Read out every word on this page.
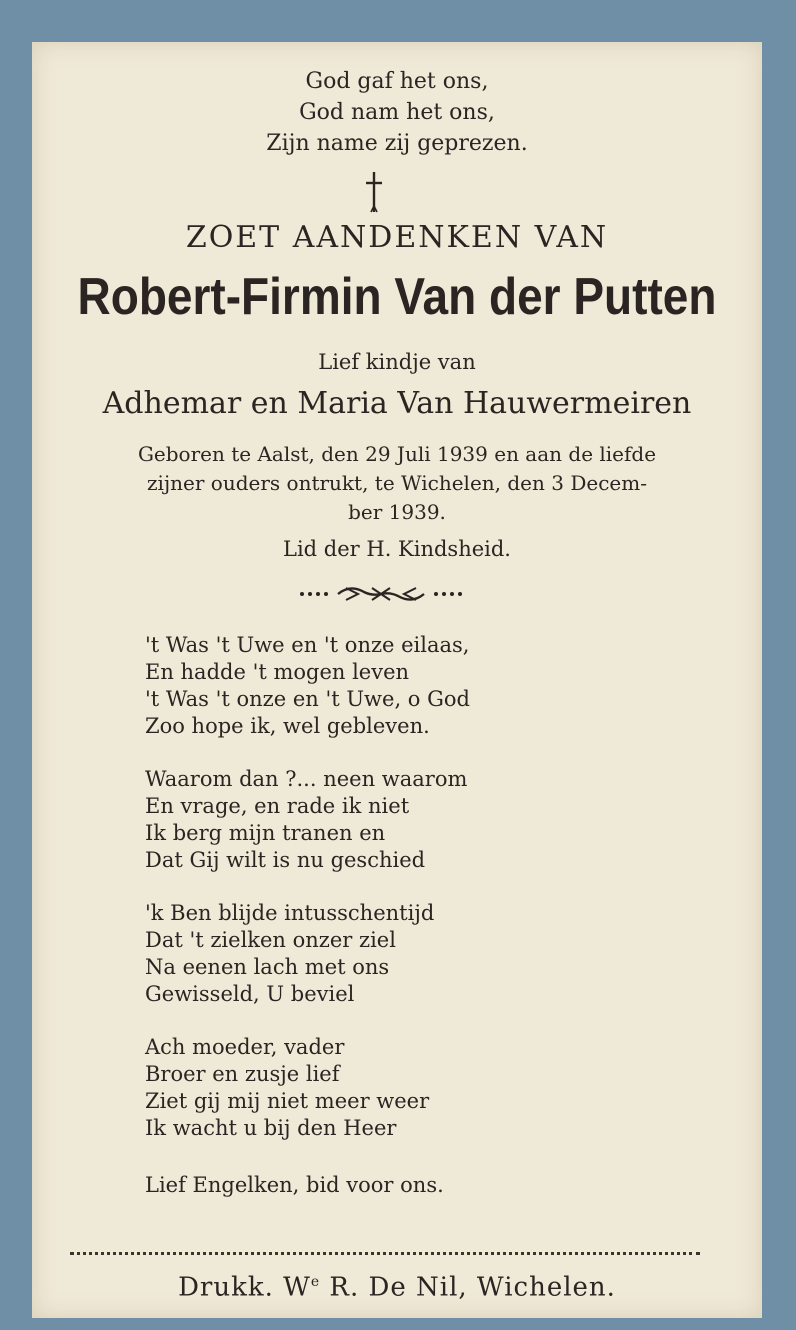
God gaf het ons,
God nam het ons,
Zijn name zij geprezen.
ZOET AANDENKEN VAN
Robert-Firmin Van der Putten
Lief kindje van
Adhemar en Maria Van Hauwermeiren
Geboren te Aalst, den 29 Juli 1939 en aan de liefde
zijner ouders ontrukt, te Wichelen, den 3 Decem-
ber 1939.
Lid der H. Kindsheid.
't Was 't Uwe en 't onze eilaas,
En hadde 't mogen leven
't Was 't onze en 't Uwe, o God
Zoo hope ik, wel gebleven.
Waarom dan ?... neen waarom
En vrage, en rade ik niet
Ik berg mijn tranen en
Dat Gij wilt is nu geschied
'k Ben blijde intusschentijd
Dat 't zielken onzer ziel
Na eenen lach met ons
Gewisseld, U beviel
Ach moeder, vader
Broer en zusje lief
Ziet gij mij niet meer weer
Ik wacht u bij den Heer
Lief Engelken, bid voor ons.
Drukk. $W^e$ R. De Nil, Wichelen.
